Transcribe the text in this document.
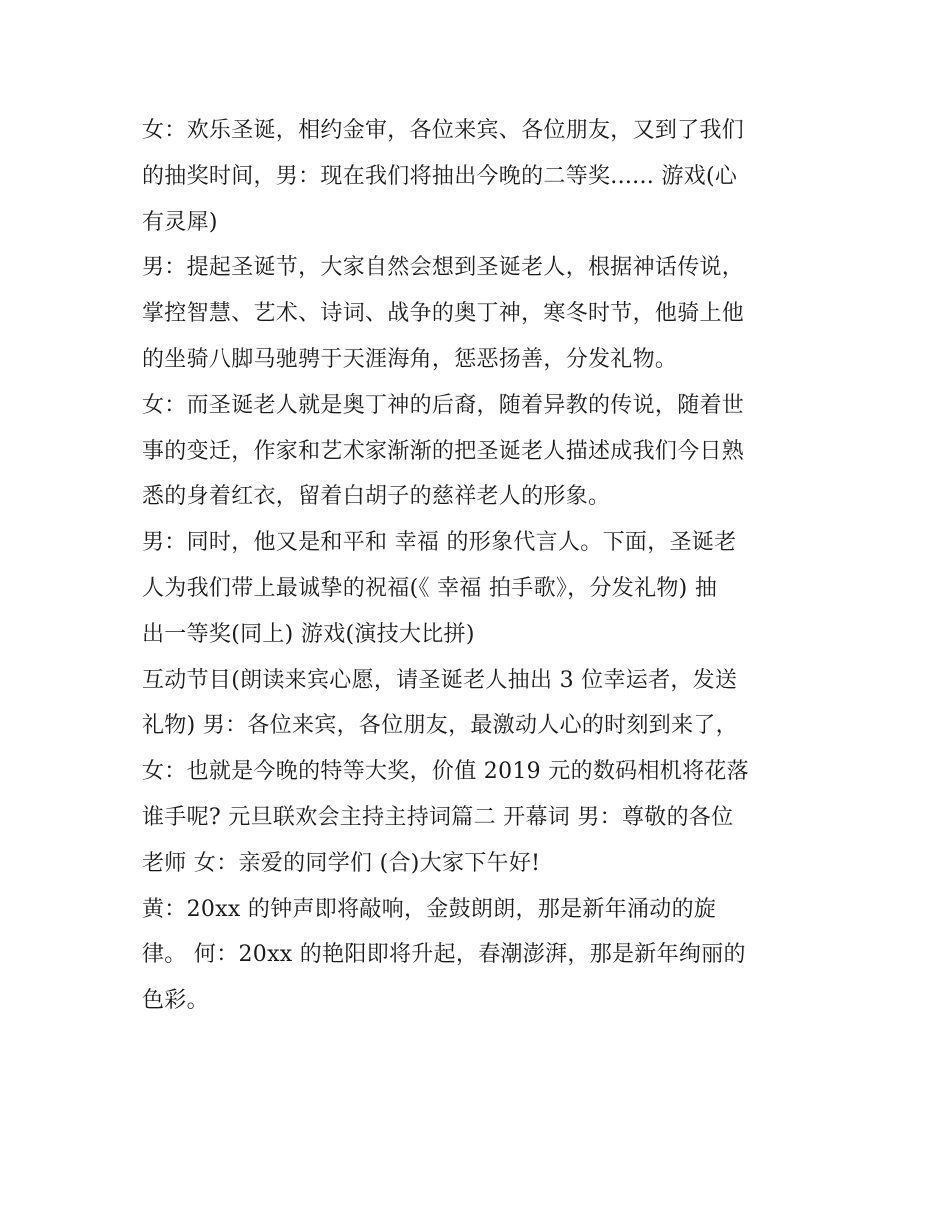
女：欢乐圣诞，相约金审，各位来宾、各位朋友，又到了我们
的抽奖时间，男：现在我们将抽出今晚的二等奖...... 游戏(心
有灵犀)
男：提起圣诞节，大家自然会想到圣诞老人，根据神话传说，
掌控智慧、艺术、诗词、战争的奥丁神，寒冬时节，他骑上他
的坐骑八脚马驰骋于天涯海角，惩恶扬善，分发礼物。
女：而圣诞老人就是奥丁神的后裔，随着异教的传说，随着世
事的变迁，作家和艺术家渐渐的把圣诞老人描述成我们今日熟
悉的身着红衣，留着白胡子的慈祥老人的形象。
男：同时，他又是和平和 幸福 的形象代言人。下面，圣诞老
人为我们带上最诚挚的祝福(《 幸福 拍手歌》，分发礼物) 抽
出一等奖(同上) 游戏(演技大比拼)
互动节目(朗读来宾心愿，请圣诞老人抽出 3 位幸运者，发送
礼物) 男：各位来宾，各位朋友，最激动人心的时刻到来了，
女：也就是今晚的特等大奖，价值 2019 元的数码相机将花落
谁手呢? 元旦联欢会主持主持词篇二 开幕词 男：尊敬的各位
老师 女：亲爱的同学们 (合)大家下午好!
黄：20xx 的钟声即将敲响，金鼓朗朗，那是新年涌动的旋
律。 何：20xx 的艳阳即将升起，春潮澎湃，那是新年绚丽的
色彩。
